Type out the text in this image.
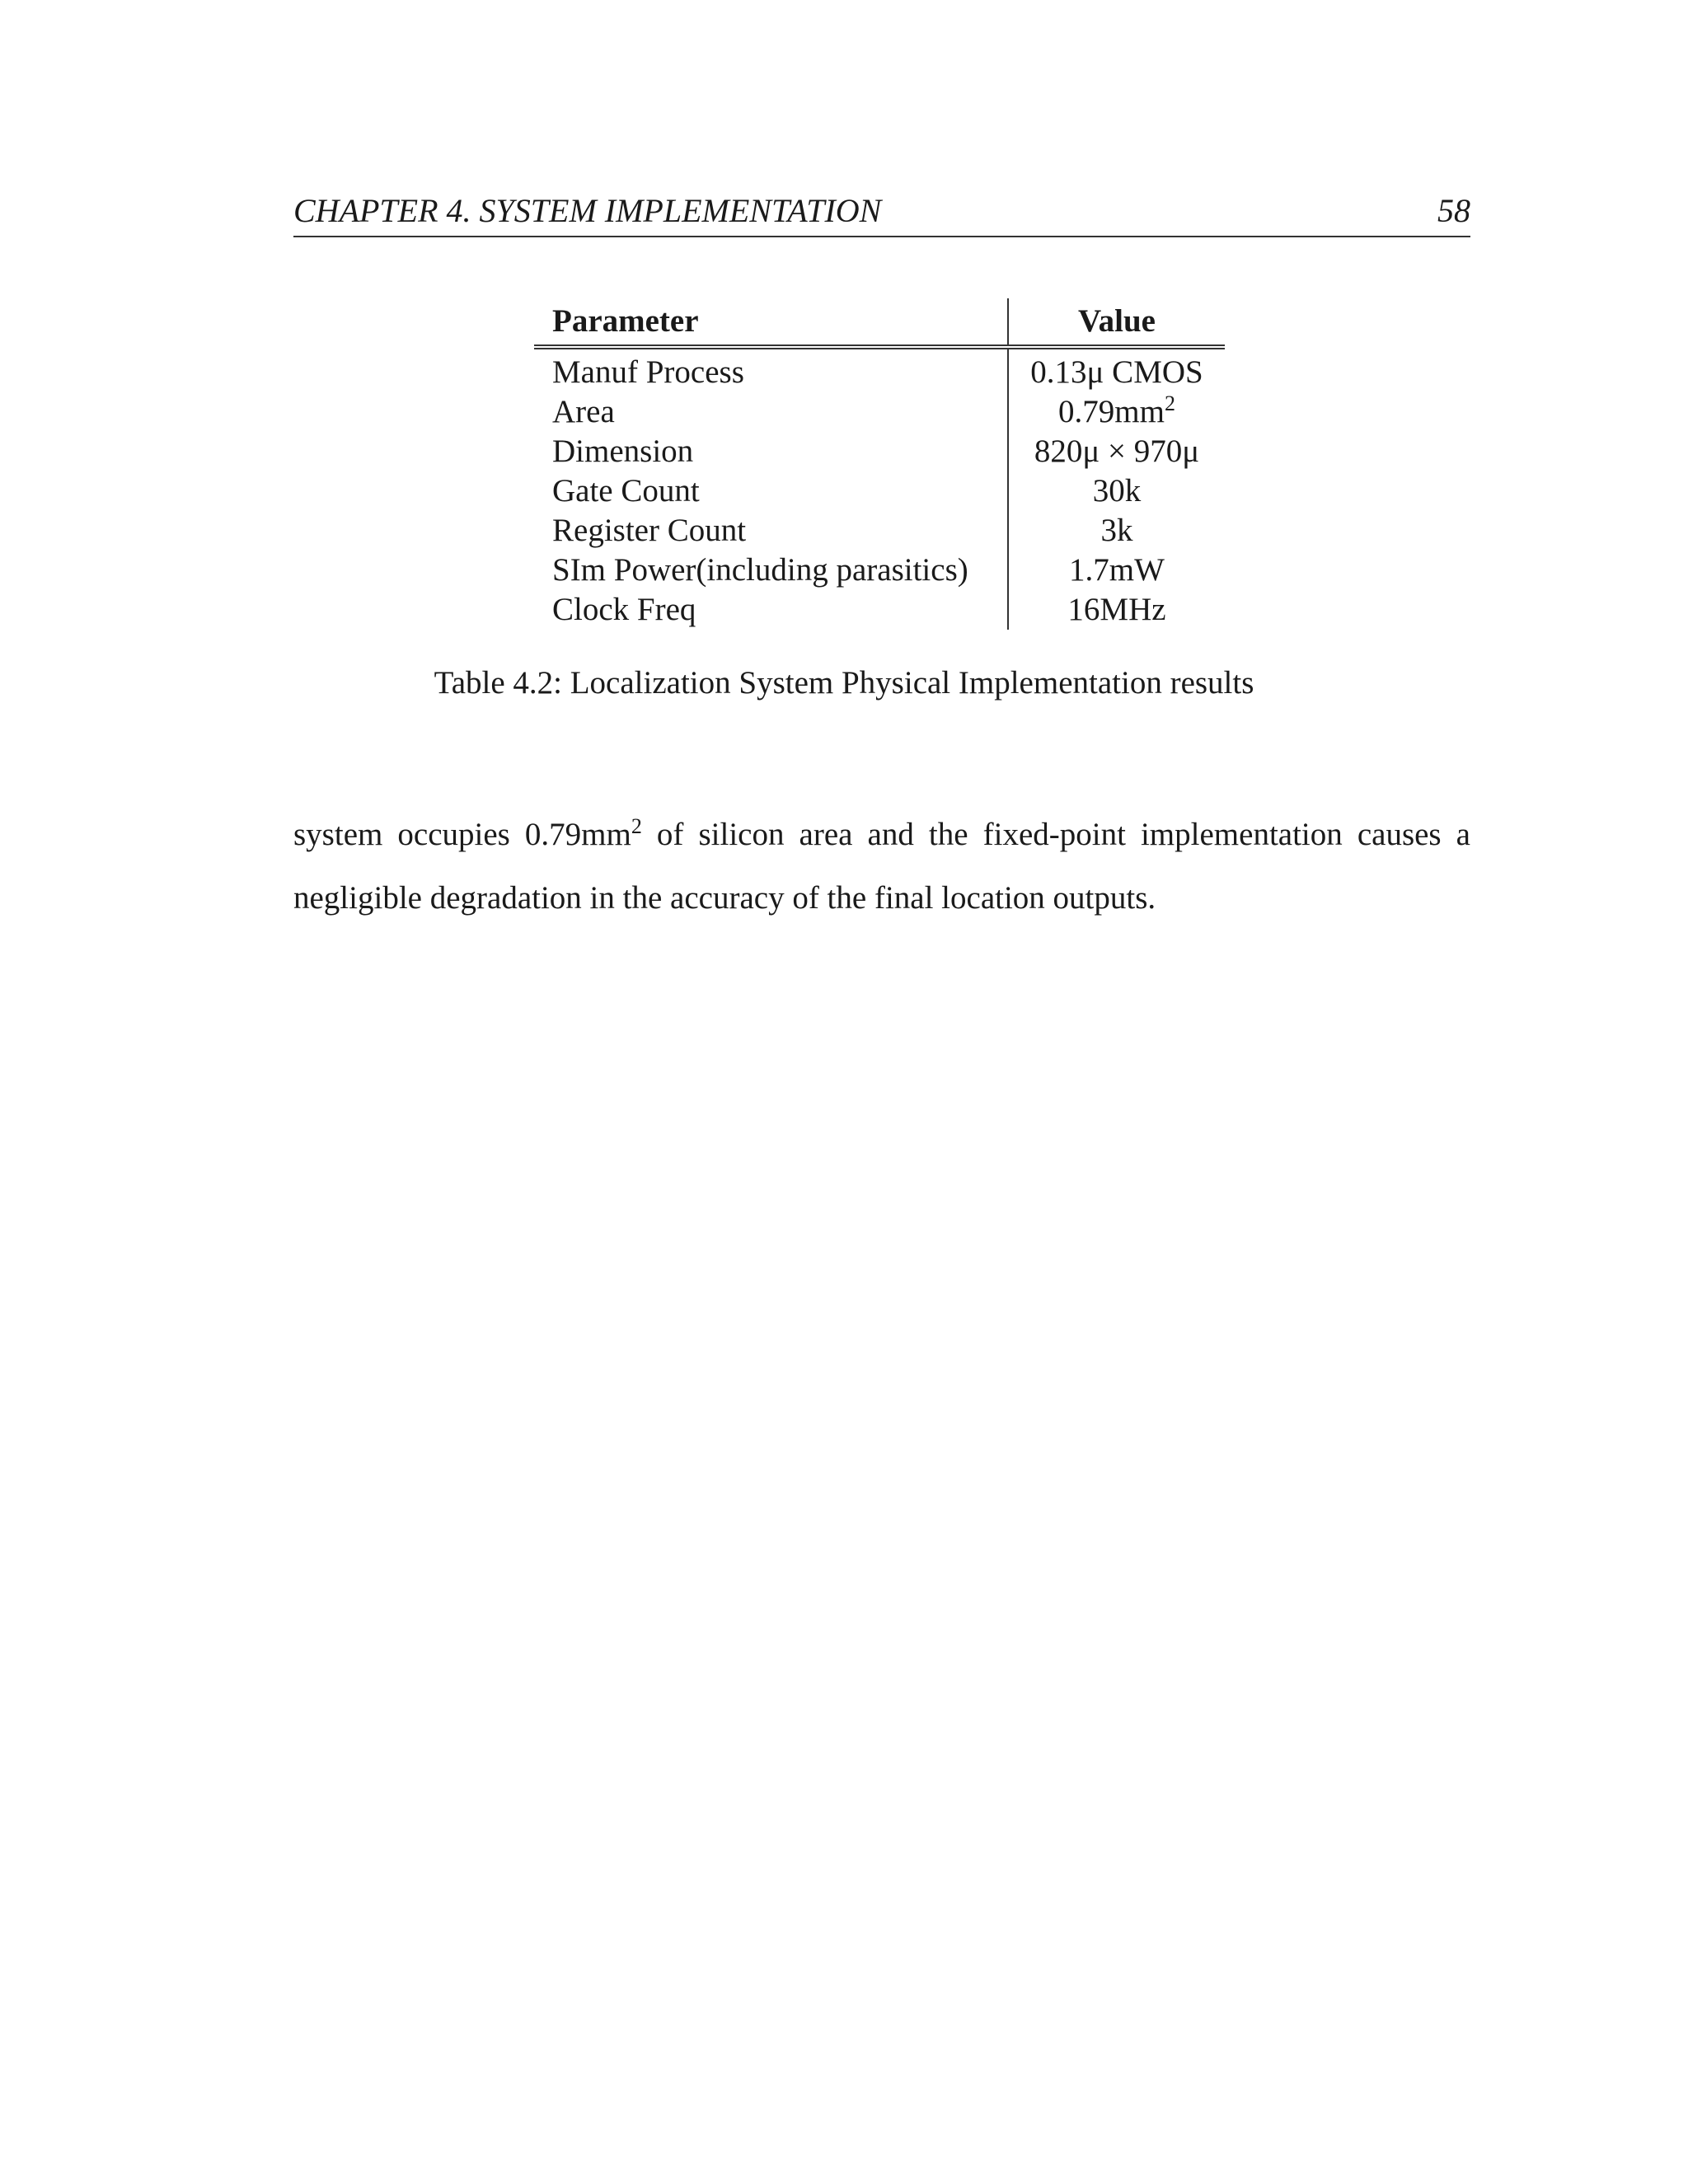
CHAPTER 4. SYSTEM IMPLEMENTATION	58
Parameter	Value
Manuf Process	0.13μ CMOS
Area	$0.79mm^2$
Dimension	820μ × 970μ
Gate Count	30k
Register Count	3k
SIm Power(including parasitics)	1.7mW
Clock Freq	16MHz
Table 4.2: Localization System Physical Implementation results
system occupies $0.79mm^2$ of silicon area and the fixed-point implementation causes a
negligible degradation in the accuracy of the final location outputs.
